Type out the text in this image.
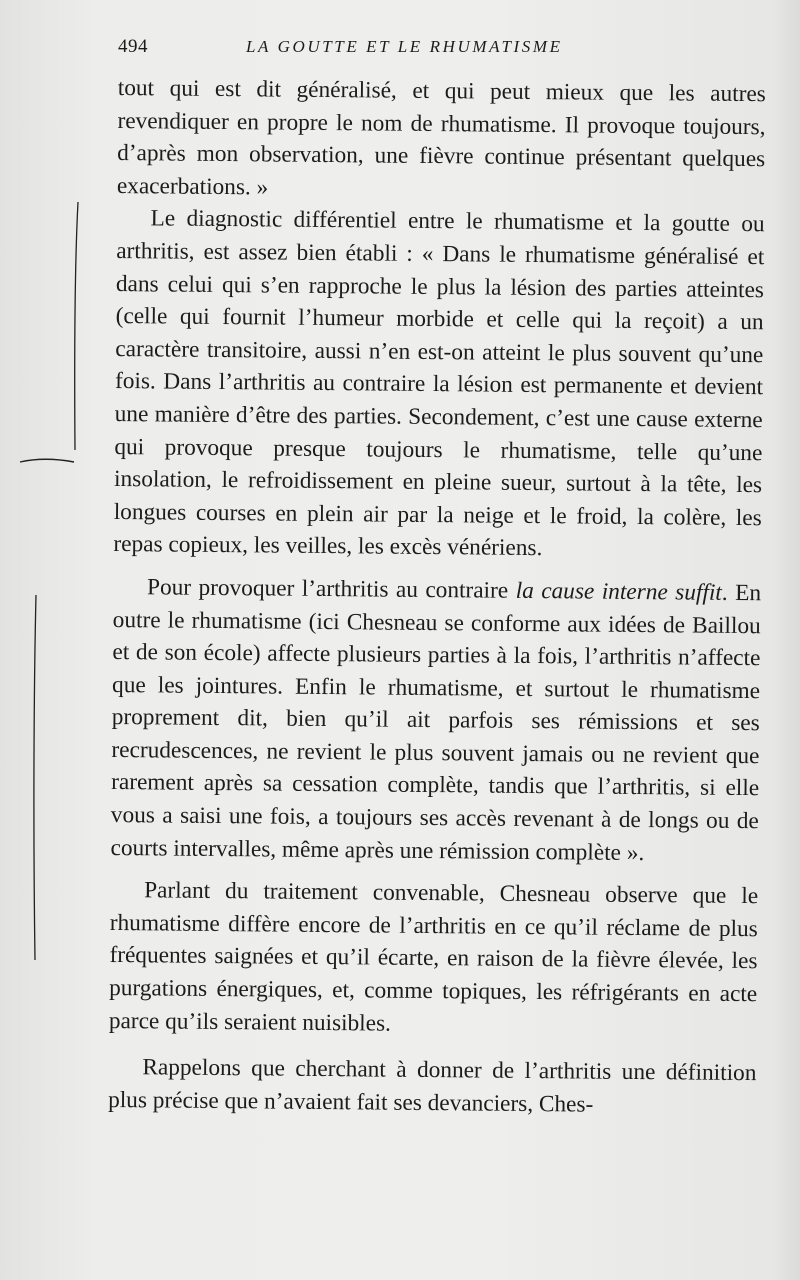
494	LA GOUTTE ET LE RHUMATISME

tout qui est dit généralisé, et qui peut mieux que les autres revendiquer en propre le nom de rhumatisme. Il provoque toujours, d’après mon observation, une fièvre continue présentant quelques exacerbations. »

Le diagnostic différentiel entre le rhumatisme et la goutte ou arthritis, est assez bien établi : « Dans le rhumatisme généralisé et dans celui qui s’en rapproche le plus la lésion des parties atteintes (celle qui fournit l’humeur morbide et celle qui la reçoit) a un caractère transitoire, aussi n’en est-on atteint le plus souvent qu’une fois. Dans l’arthritis au contraire la lésion est permanente et devient une manière d’être des parties. Secondement, c’est une cause externe qui provoque presque toujours le rhumatisme, telle qu’une insolation, le refroidissement en pleine sueur, surtout à la tête, les longues courses en plein air par la neige et le froid, la colère, les repas copieux, les veilles, les excès vénériens.

Pour provoquer l’arthritis au contraire la cause interne suffit. En outre le rhumatisme (ici Chesneau se conforme aux idées de Baillou et de son école) affecte plusieurs parties à la fois, l’arthritis n’affecte que les jointures. Enfin le rhumatisme, et surtout le rhumatisme proprement dit, bien qu’il ait parfois ses rémissions et ses recrudescences, ne revient le plus souvent jamais ou ne revient que rarement après sa cessation complète, tandis que l’arthritis, si elle vous a saisi une fois, a toujours ses accès revenant à de longs ou de courts intervalles, même après une rémission complète ».

Parlant du traitement convenable, Chesneau observe que le rhumatisme diffère encore de l’arthritis en ce qu’il réclame de plus fréquentes saignées et qu’il écarte, en raison de la fièvre élevée, les purgations énergiques, et, comme topiques, les réfrigérants en acte parce qu’ils seraient nuisibles.

Rappelons que cherchant à donner de l’arthritis une définition plus précise que n’avaient fait ses devanciers, Ches-
